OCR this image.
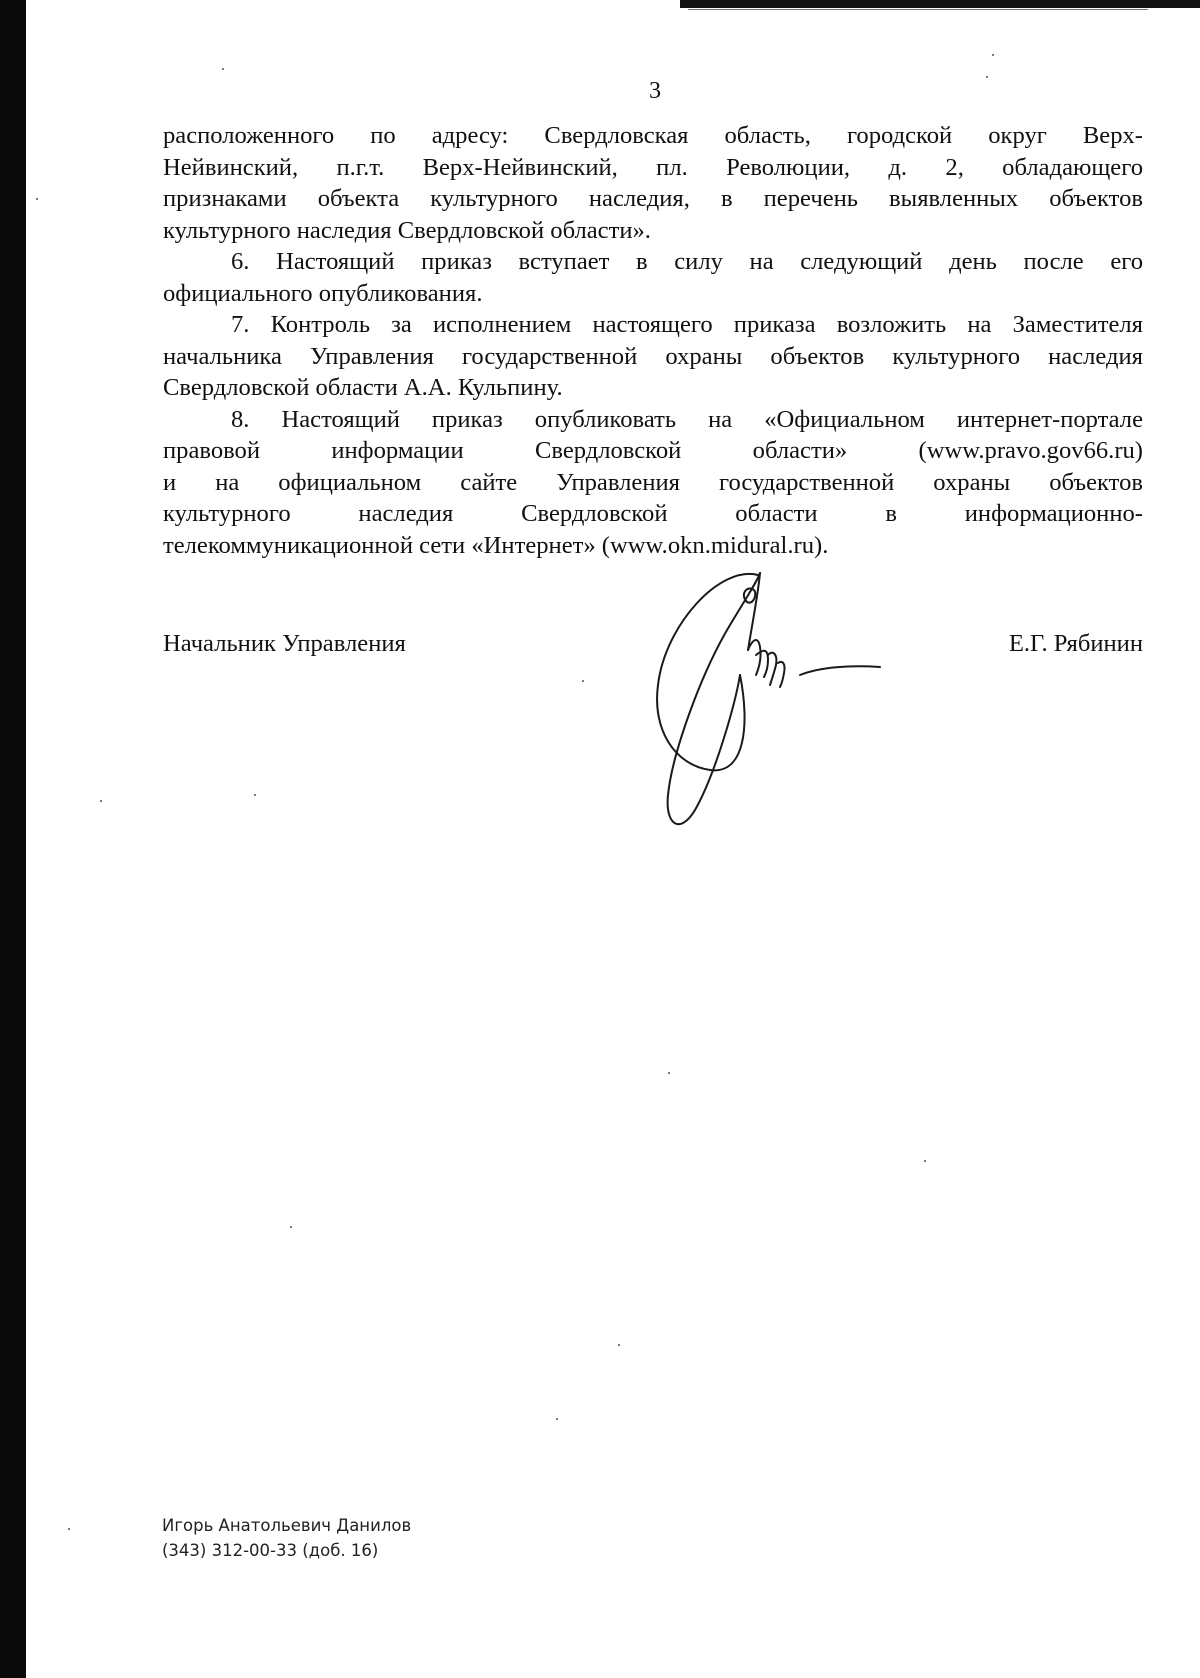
3
расположенного по адресу: Свердловская область, городской округ Верх-
Нейвинский, п.г.т. Верх-Нейвинский, пл. Революции, д. 2, обладающего
признаками объекта культурного наследия, в перечень выявленных объектов
культурного наследия Свердловской области».
6. Настоящий приказ вступает в силу на следующий день после его
официального опубликования.
7. Контроль за исполнением настоящего приказа возложить на Заместителя
начальника Управления государственной охраны объектов культурного наследия
Свердловской области А.А. Кульпину.
8. Настоящий приказ опубликовать на «Официальном интернет-портале
правовой информации Свердловской области» (www.pravo.gov66.ru)
и на официальном сайте Управления государственной охраны объектов
культурного наследия Свердловской области в информационно-
телекоммуникационной сети «Интернет» (www.okn.midural.ru).
Начальник Управления	Е.Г. Рябинин
Игорь Анатольевич Данилов
(343) 312-00-33 (доб. 16)
